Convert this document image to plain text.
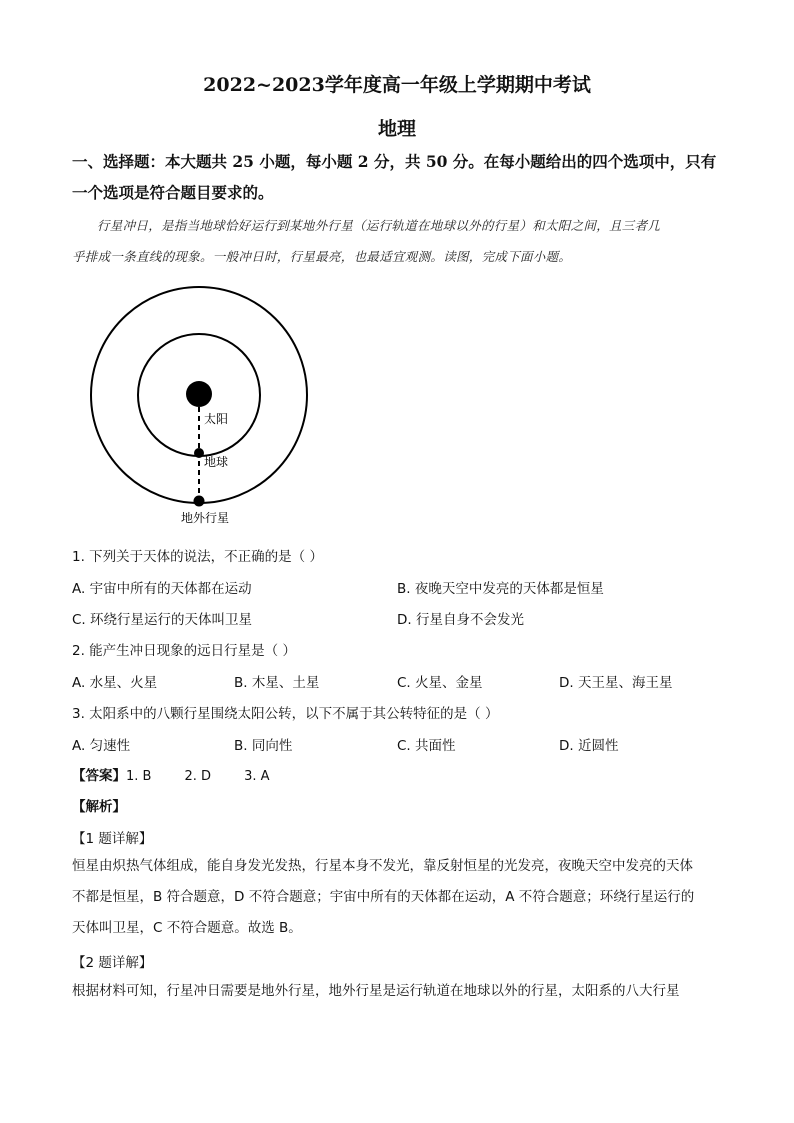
2022~2023学年度高一年级上学期期中考试
地理
一、选择题：本大题共 25 小题，每小题 2 分，共 50 分。在每小题给出的四个选项中，只有
一个选项是符合题目要求的。
行星冲日，是指当地球恰好运行到某地外行星（运行轨道在地球以外的行星）和太阳之间，且三者几
乎排成一条直线的现象。一般冲日时，行星最亮，也最适宜观测。读图，完成下面小题。
太阳
地球
地外行星
1. 下列关于天体的说法，不正确的是（ ）
A. 宇宙中所有的天体都在运动	B. 夜晚天空中发亮的天体都是恒星
C. 环绕行星运行的天体叫卫星	D. 行星自身不会发光
2. 能产生冲日现象的远日行星是（ ）
A. 水星、火星	B. 木星、土星	C. 火星、金星	D. 天王星、海王星
3. 太阳系中的八颗行星围绕太阳公转，以下不属于其公转特征的是（ ）
A. 匀速性	B. 同向性	C. 共面性	D. 近圆性
【答案】1. B        2. D        3. A
【解析】
【1 题详解】
恒星由炽热气体组成，能自身发光发热，行星本身不发光，靠反射恒星的光发亮，夜晚天空中发亮的天体
不都是恒星，B 符合题意，D 不符合题意；宇宙中所有的天体都在运动，A 不符合题意；环绕行星运行的
天体叫卫星，C 不符合题意。故选 B。
【2 题详解】
根据材料可知，行星冲日需要是地外行星，地外行星是运行轨道在地球以外的行星，太阳系的八大行星
